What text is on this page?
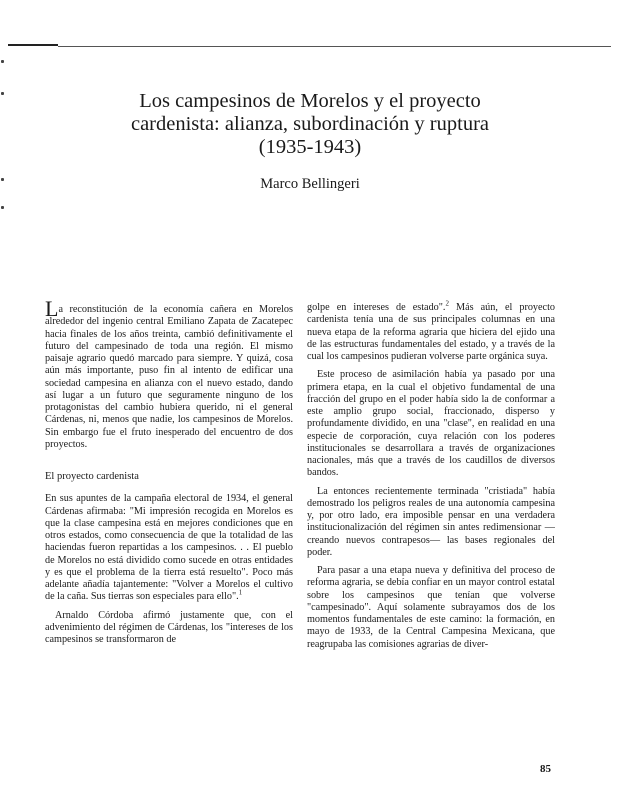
Los campesinos de Morelos y el proyecto
cardenista: alianza, subordinación y ruptura
(1935-1943)
Marco Bellingeri

La reconstitución de la economía cañera en Morelos alrededor del ingenio central Emiliano Zapata de Zacatepec hacia finales de los años treinta, cambió definitivamente el futuro del campesinado de toda una región. El mismo paisaje agrario quedó marcado para siempre. Y quizá, cosa aún más importante, puso fin al intento de edificar una sociedad campesina en alianza con el nuevo estado, dando así lugar a un futuro que seguramente ninguno de los protagonistas del cambio hubiera querido, ni el general Cárdenas, ni, menos que nadie, los campesinos de Morelos. Sin embargo fue el fruto inesperado del encuentro de dos proyectos.

El proyecto cardenista

En sus apuntes de la campaña electoral de 1934, el general Cárdenas afirmaba: "Mi impresión recogida en Morelos es que la clase campesina está en mejores condiciones que en otros estados, como consecuencia de que la totalidad de las haciendas fueron repartidas a los campesinos. . . El pueblo de Morelos no está dividido como sucede en otras entidades y es que el problema de la tierra está resuelto". Poco más adelante añadía tajantemente: "Volver a Morelos el cultivo de la caña. Sus tierras son especiales para ello".$^1$

Arnaldo Córdoba afirmó justamente que, con el advenimiento del régimen de Cárdenas, los "intereses de los campesinos se transformaron de

golpe en intereses de estado".$^2$ Más aún, el proyecto cardenista tenía una de sus principales columnas en una nueva etapa de la reforma agraria que hiciera del ejido una de las estructuras fundamentales del estado, y a través de la cual los campesinos pudieran volverse parte orgánica suya.

Este proceso de asimilación había ya pasado por una primera etapa, en la cual el objetivo fundamental de una fracción del grupo en el poder había sido la de conformar a este amplio grupo social, fraccionado, disperso y profundamente dividido, en una "clase", en realidad en una especie de corporación, cuya relación con los poderes institucionales se desarrollara a través de organizaciones nacionales, más que a través de los caudillos de diversos bandos.

La entonces recientemente terminada "cristiada" había demostrado los peligros reales de una autonomía campesina y, por otro lado, era imposible pensar en una verdadera institucionalización del régimen sin antes redimensionar —creando nuevos contrapesos— las bases regionales del poder.

Para pasar a una etapa nueva y definitiva del proceso de reforma agraria, se debía confiar en un mayor control estatal sobre los campesinos que tenían que volverse "campesinado". Aquí solamente subrayamos dos de los momentos fundamentales de este camino: la formación, en mayo de 1933, de la Central Campesina Mexicana, que reagrupaba las comisiones agrarias de diver-

85
